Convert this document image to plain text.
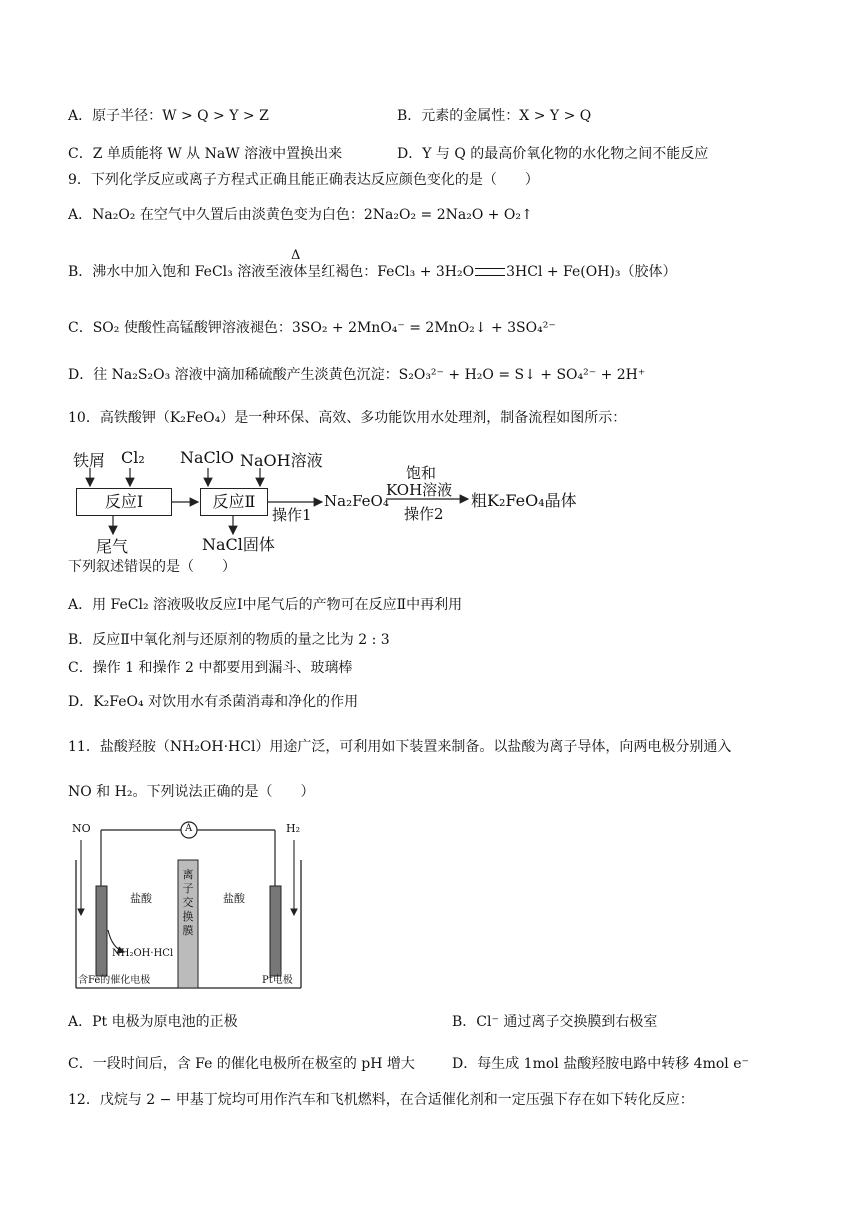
A．原子半径：W > Q > Y > Z	B．元素的金属性：X > Y > Q
C．Z 单质能将 W 从 NaW 溶液中置换出来	D．Y 与 Q 的最高价氧化物的水化物之间不能反应
9．下列化学反应或离子方程式正确且能正确表达反应颜色变化的是（　　）
A．Na₂O₂ 在空气中久置后由淡黄色变为白色：2Na₂O₂ = 2Na₂O + O₂↑
Δ
B．沸水中加入饱和 FeCl₃ 溶液至液体呈红褐色：FeCl₃ + 3H₂O 3HCl + Fe(OH)₃（胶体）
C．SO₂ 使酸性高锰酸钾溶液褪色：3SO₂ + 2MnO₄⁻ = 2MnO₂↓ + 3SO₄²⁻
D．往 Na₂S₂O₃ 溶液中滴加稀硫酸产生淡黄色沉淀：S₂O₃²⁻ + H₂O = S↓ + SO₄²⁻ + 2H⁺
10．高铁酸钾（K₂FeO₄）是一种环保、高效、多功能饮用水处理剂，制备流程如图所示：
铁屑 Cl₂
反应Ⅰ
尾气
NaClO NaOH溶液
反应Ⅱ
NaCl固体
操作1
Na₂FeO₄
饱和
KOH溶液
操作2
粗K₂FeO₄晶体
下列叙述错误的是（　　）
A．用 FeCl₂ 溶液吸收反应Ⅰ中尾气后的产物可在反应Ⅱ中再利用
B．反应Ⅱ中氧化剂与还原剂的物质的量之比为 2 : 3
C．操作 1 和操作 2 中都要用到漏斗、玻璃棒
D．K₂FeO₄ 对饮用水有杀菌消毒和净化的作用
11．盐酸羟胺（NH₂OH·HCl）用途广泛，可利用如下装置来制备。以盐酸为离子导体，向两电极分别通入
NO 和 H₂。下列说法正确的是（　　）
NO	H₂
A
盐酸	盐酸
离
子
交
换
膜
NH₂OH·HCl
含Fe的催化电极	Pt电极
A．Pt 电极为原电池的正极	B．Cl⁻ 通过离子交换膜到右极室
C．一段时间后，含 Fe 的催化电极所在极室的 pH 增大	D．每生成 1mol 盐酸羟胺电路中转移 4mol e⁻
12．戊烷与 2 − 甲基丁烷均可用作汽车和飞机燃料，在合适催化剂和一定压强下存在如下转化反应：
